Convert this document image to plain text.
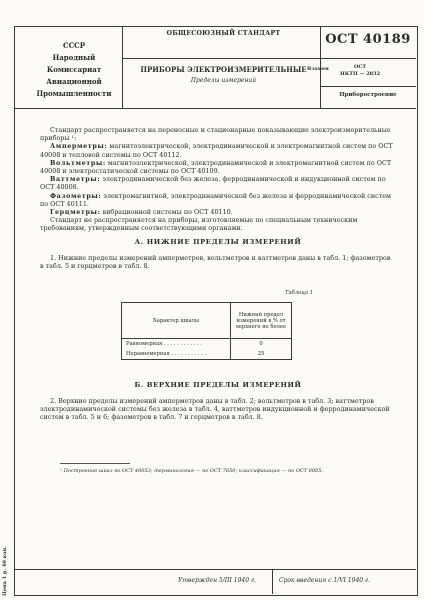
СССР
Народный Комиссариат
Авиационной
Промышленности
ОБЩЕСОЮЗНЫЙ СТАНДАРТ	ОСТ 40189
ПРИБОРЫ ЭЛЕКТРОИЗМЕРИТЕЛЬНЫЕ
Пределы измерений
Взамен	ОСТ
НКТП — 2832
Приборостроение

Стандарт распространяется на переносные и стационарные показывающие электроизмерительные приборы ¹:

Амперметры: магнитоэлектрической, электродинамической и электромагнитной систем по ОСТ 40008 и тепловой системы по ОСТ 40112.

Вольтметры: магнитоэлектрической, электродинамической и электромагнитной систем по ОСТ 40008 и электростатической системы по ОСТ 40109.

Ваттметры: электродинамической без железа, ферродинамической и индукционной систем по ОСТ 40008.

Фазометры: электромагнитной, электродинамической без железа и ферродинамической систем по ОСТ 40111.

Герцметры: вибрационной системы по ОСТ 40110.

Стандарт не распространяется на приборы, изготовляемые по специальным техническим требованиям, утвержденным соответствующими органами.

А. НИЖНИЕ ПРЕДЕЛЫ ИЗМЕРЕНИЙ

1. Нижние пределы измерений амперметров, вольтметров и ваттметров даны в табл. 1; фазометров в табл. 5 и герцметров в табл. 8.

Таблица 1
Характер шкалы	Нижний предел измерений в % от верхнего не более
Равномерная . . . . . . . . . . . .	0
Неравномерная . . . . . . . . . . .	25
Б. ВЕРХНИЕ ПРЕДЕЛЫ ИЗМЕРЕНИЙ

2. Верхние пределы измерений амперметров даны в табл. 2; вольтметров в табл. 3; ваттметров электродинамической системы без железа в табл. 4, ваттметров индукционной и ферродинамической систем в табл. 5 и 6; фазометров в табл. 7 и герцметров в табл. 8.

¹ Построение шкал по ОСТ 40053; терминология — по ОСТ 7650; классификация — по ОСТ 8005.
Утвержден 5/III 1940 г.	Срок введения с 1/VI 1940 г.
Цена 1 р. 40 коп.
